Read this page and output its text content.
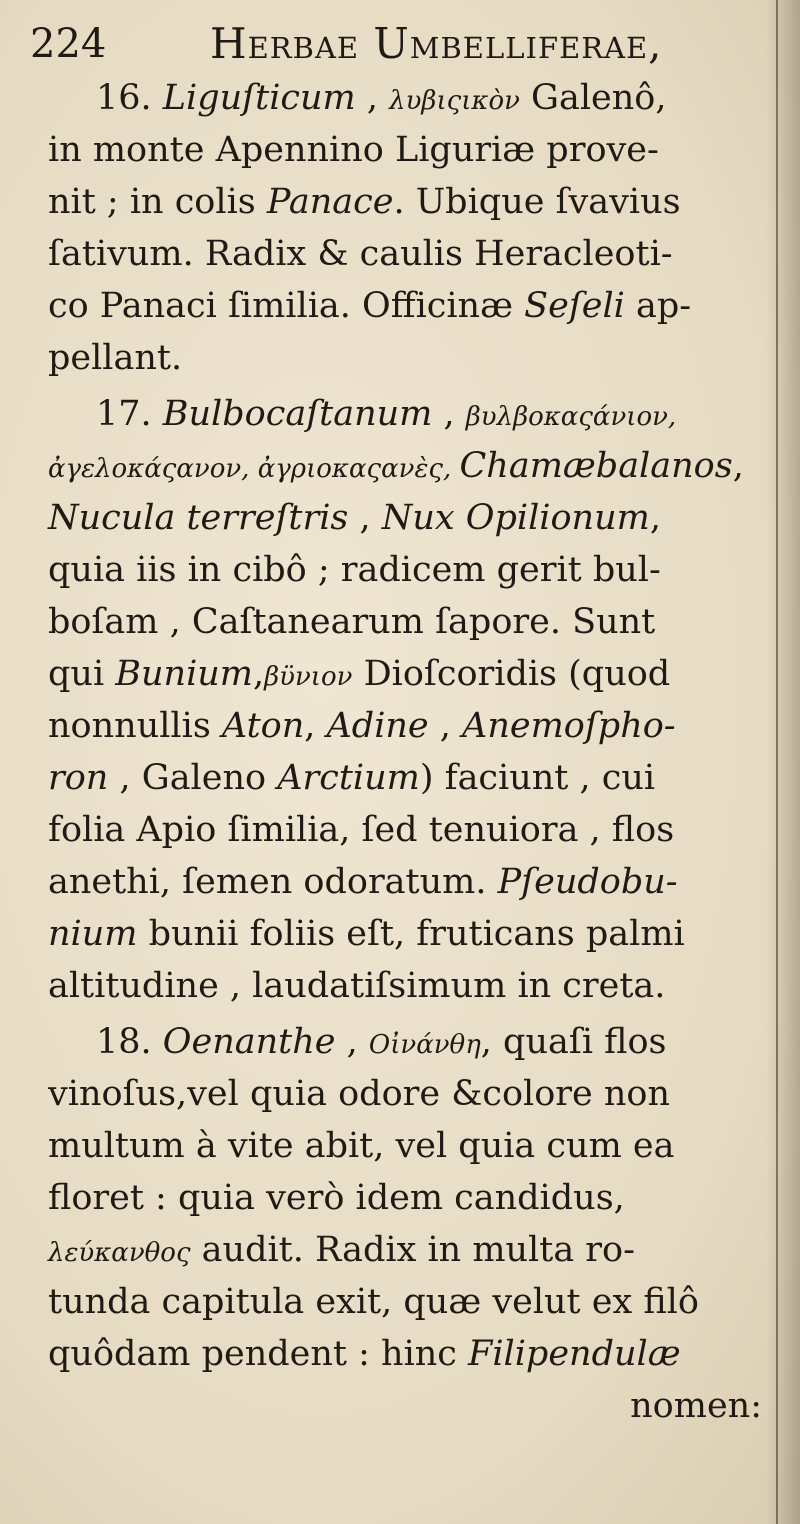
224 Herbae Umbelliferae,
16. Liguſticum , λυβιςικὸν Galenô,
in monte Apennino Liguriæ prove-
nit ; in colis Panace. Ubique ſvavius
ſativum. Radix & caulis Heracleoti-
co Panaci ſimilia. Officinæ Seſeli ap-
pellant.
17. Bulbocaſtanum , βυλβοκαςάνιον,
ἀγελοκάςανον, ἀγριοκαςανὲς, Chamæbalanos,
Nucula terreſtris , Nux Opilionum,
quia iis in cibô ; radicem gerit bul-
boſam , Caſtanearum ſapore. Sunt
qui Bunium,βϋνιον Dioſcoridis (quod
nonnullis Aton, Adine , Anemoſpho-
ron , Galeno Arctium) faciunt , cui
folia Apio ſimilia, ſed tenuiora , flos
anethi, ſemen odoratum. Pſeudobu-
nium bunii foliis eſt, fruticans palmi
altitudine , laudatiſsimum in creta.
18. Oenanthe , Οἰνάνθη, quaſi flos
vinoſus,vel quia odore &colore non
multum à vite abit, vel quia cum ea
floret : quia verò idem candidus,
λεύκανθος audit. Radix in multa ro-
tunda capitula exit, quæ velut ex filô
quôdam pendent : hinc Filipendulæ
nomen:
